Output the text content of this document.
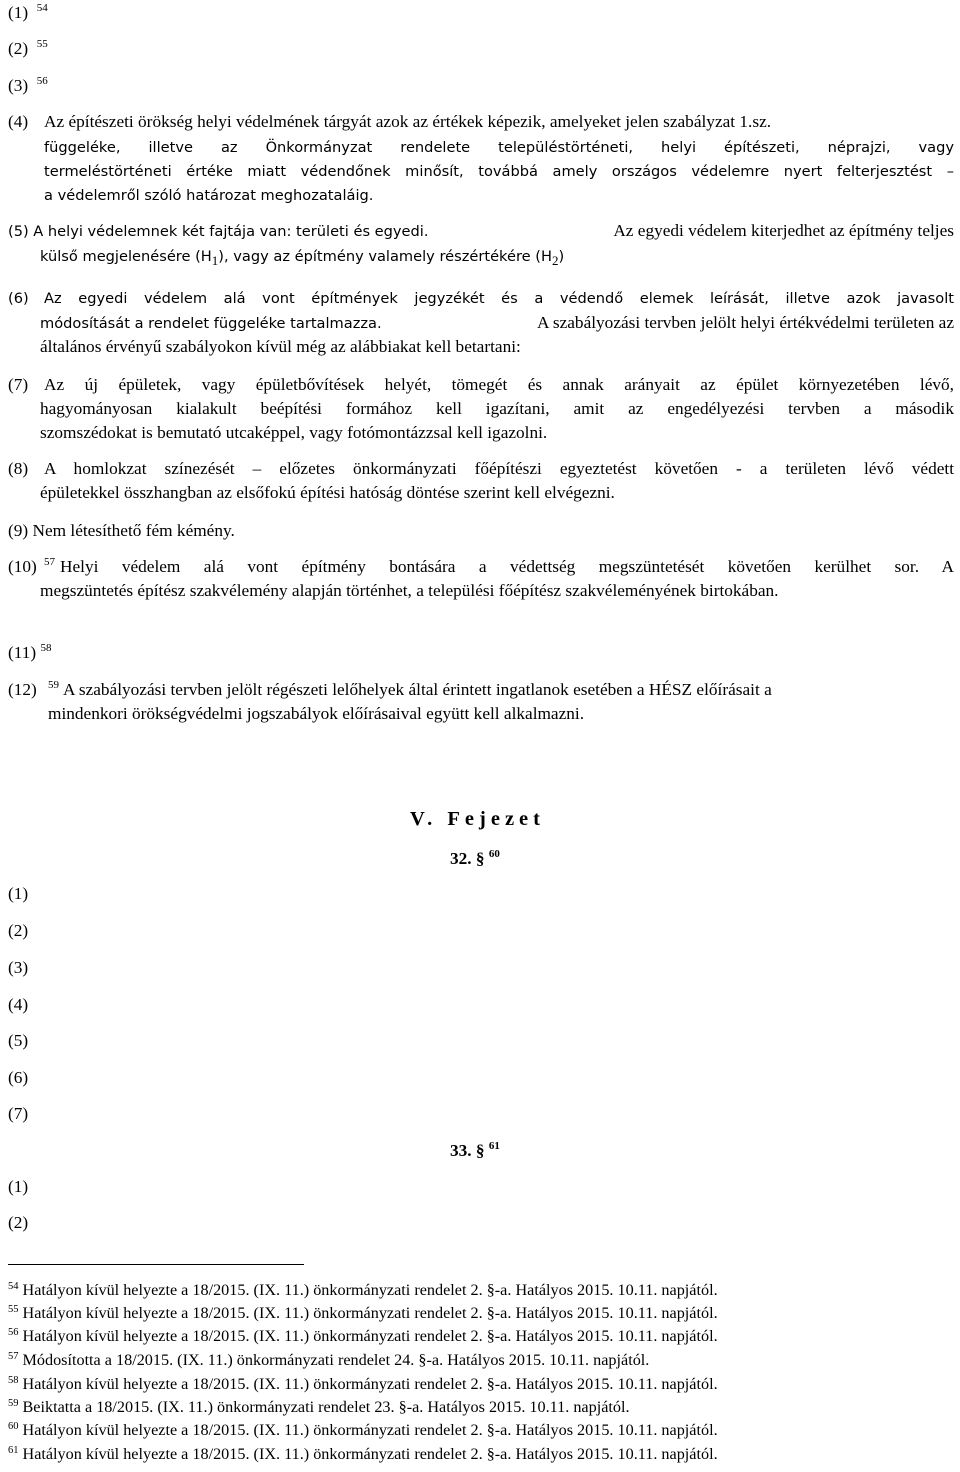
(1) $^{54}$
(2) $^{55}$
(3) $^{56}$
(4) Az építészeti örökség helyi védelmének tárgyát azok az értékek képezik, amelyeket jelen szabályzat 1.sz.
függeléke, illetve az Önkormányzat rendelete településtörténeti, helyi építészeti, néprajzi, vagy
termeléstörténeti értéke miatt védendőnek minősít, továbbá amely országos védelemre nyert felterjesztést –
a védelemről szóló határozat meghozataláig.
(5) A helyi védelemnek két fajtája van: területi és egyedi.	Az egyedi védelem kiterjedhet az építmény teljes
külső megjelenésére $(H_1)$, vagy az építmény valamely részértékére $(H_2)$
(6) Az egyedi védelem alá vont építmények jegyzékét és a védendő elemek leírását, illetve azok javasolt
módosítását a rendelet függeléke tartalmazza.	A szabályozási tervben jelölt helyi értékvédelmi területen az
általános érvényű szabályokon kívül még az alábbiakat kell betartani:
(7) Az új épületek, vagy épületbővítések helyét, tömegét és annak arányait az épület környezetében lévő,
hagyományosan kialakult beépítési formához kell igazítani, amit az engedélyezési tervben a második
szomszédokat is bemutató utcaképpel, vagy fotómontázzsal kell igazolni.
(8) A homlokzat színezését – előzetes önkormányzati főépítészi egyeztetést követően - a területen lévő védett
épületekkel összhangban az elsőfokú építési hatóság döntése szerint kell elvégezni.
(9) Nem létesíthető fém kémény.
(10) $^{57}$ Helyi védelem alá vont építmény bontására a védettség megszüntetését követően kerülhet sor. A
megszüntetés építész szakvélemény alapján történhet, a települési főépítész szakvéleményének birtokában.
(11) $^{58}$
(12) $^{59}$ A szabályozási tervben jelölt régészeti lelőhelyek által érintett ingatlanok esetében a HÉSZ előírásait a
mindenkori örökségvédelmi jogszabályok előírásaival együtt kell alkalmazni.
V. Fejezet
32. § $^{60}$
(1)
(2)
(3)
(4)
(5)
(6)
(7)
33. § $^{61}$
(1)
(2)
$^{54}$ Hatályon kívül helyezte a 18/2015. (IX. 11.) önkormányzati rendelet 2. §-a. Hatályos 2015. 10.11. napjától.
$^{55}$ Hatályon kívül helyezte a 18/2015. (IX. 11.) önkormányzati rendelet 2. §-a. Hatályos 2015. 10.11. napjától.
$^{56}$ Hatályon kívül helyezte a 18/2015. (IX. 11.) önkormányzati rendelet 2. §-a. Hatályos 2015. 10.11. napjától.
$^{57}$ Módosította a 18/2015. (IX. 11.) önkormányzati rendelet 24. §-a. Hatályos 2015. 10.11. napjától.
$^{58}$ Hatályon kívül helyezte a 18/2015. (IX. 11.) önkormányzati rendelet 2. §-a. Hatályos 2015. 10.11. napjától.
$^{59}$ Beiktatta a 18/2015. (IX. 11.) önkormányzati rendelet 23. §-a. Hatályos 2015. 10.11. napjától.
$^{60}$ Hatályon kívül helyezte a 18/2015. (IX. 11.) önkormányzati rendelet 2. §-a. Hatályos 2015. 10.11. napjától.
$^{61}$ Hatályon kívül helyezte a 18/2015. (IX. 11.) önkormányzati rendelet 2. §-a. Hatályos 2015. 10.11. napjától.
